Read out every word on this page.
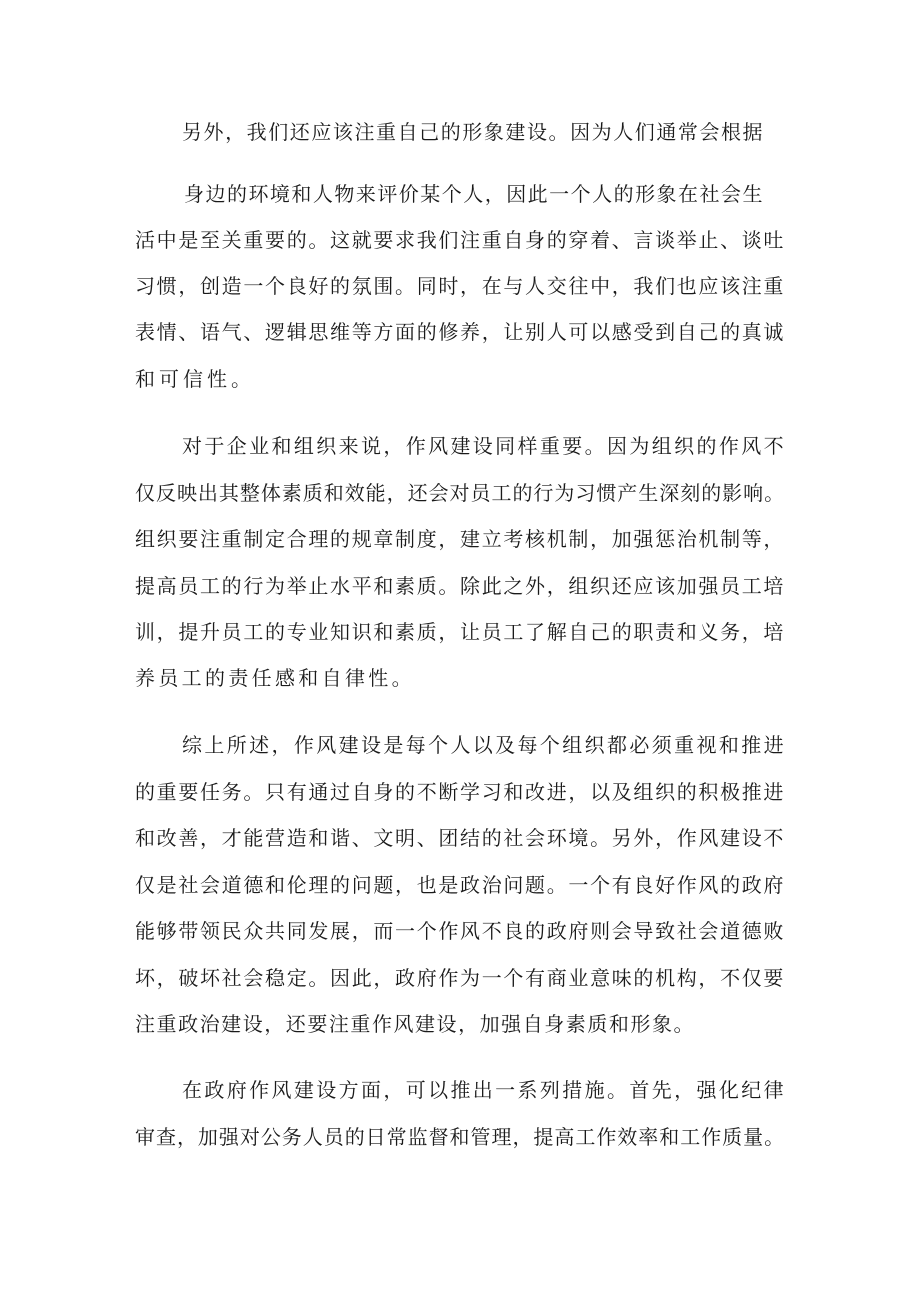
另外，我们还应该注重自己的形象建设。因为人们通常会根据
身边的环境和人物来评价某个人，因此一个人的形象在社会生
活中是至关重要的。这就要求我们注重自身的穿着、言谈举止、谈吐
习惯，创造一个良好的氛围。同时，在与人交往中，我们也应该注重
表情、语气、逻辑思维等方面的修养，让别人可以感受到自己的真诚
和可信性。
对于企业和组织来说，作风建设同样重要。因为组织的作风不
仅反映出其整体素质和效能，还会对员工的行为习惯产生深刻的影响。
组织要注重制定合理的规章制度，建立考核机制，加强惩治机制等，
提高员工的行为举止水平和素质。除此之外，组织还应该加强员工培
训，提升员工的专业知识和素质，让员工了解自己的职责和义务，培
养员工的责任感和自律性。
综上所述，作风建设是每个人以及每个组织都必须重视和推进
的重要任务。只有通过自身的不断学习和改进，以及组织的积极推进
和改善，才能营造和谐、文明、团结的社会环境。另外，作风建设不
仅是社会道德和伦理的问题，也是政治问题。一个有良好作风的政府
能够带领民众共同发展，而一个作风不良的政府则会导致社会道德败
坏，破坏社会稳定。因此，政府作为一个有商业意味的机构，不仅要
注重政治建设，还要注重作风建设，加强自身素质和形象。
在政府作风建设方面，可以推出一系列措施。首先，强化纪律
审查，加强对公务人员的日常监督和管理，提高工作效率和工作质量。
